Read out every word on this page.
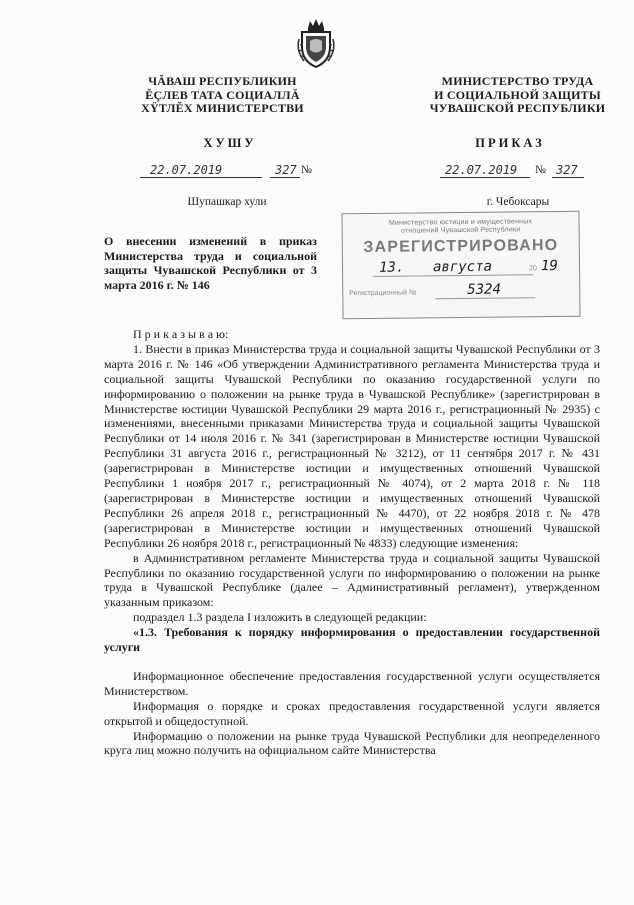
ЧĂВАШ РЕСПУБЛИКИН
ĔÇЛЕВ ТАТА СОЦИАЛЛĂ
ХŸТЛĔХ МИНИСТЕРСТВИ
МИНИСТЕРСТВО ТРУДА
И СОЦИАЛЬНОЙ ЗАЩИТЫ
ЧУВАШСКОЙ РЕСПУБЛИКИ
ХУШУ	ПРИКАЗ
22.07.2019	327 №	22.07.2019 № 327
Шупашкар хули	г. Чебоксары
Министерство юстиции и имущественных
отношений Чувашской Республики
ЗАРЕГИСТРИРОВАНО
13. августа	20 19
Регистрационный №	5324
О внесении изменений в приказ Министерства труда и социальной защиты Чувашской Республики от 3 марта 2016 г. № 146

П р и к а з ы в а ю:

1. Внести в приказ Министерства труда и социальной защиты Чувашской Республики от 3 марта 2016 г. № 146 «Об утверждении Административного регламента Министерства труда и социальной защиты Чувашской Республики по оказанию государственной услуги по информированию о положении на рынке труда в Чувашской Республике» (зарегистрирован в Министерстве юстиции Чувашской Республики 29 марта 2016 г., регистрационный № 2935) с изменениями, внесенными приказами Министерства труда и социальной защиты Чувашской Республики от 14 июля 2016 г. № 341 (зарегистрирован в Министерстве юстиции Чувашской Республики 31 августа 2016 г., регистрационный № 3212), от 11 сентября 2017 г. № 431 (зарегистрирован в Министерстве юстиции и имущественных отношений Чувашской Республики 1 ноября 2017 г., регистрационный № 4074), от 2 марта 2018 г. № 118 (зарегистрирован в Министерстве юстиции и имущественных отношений Чувашской Республики 26 апреля 2018 г., регистрационный № 4470), от 22 ноября 2018 г. № 478 (зарегистрирован в Министерстве юстиции и имущественных отношений Чувашской Республики 26 ноября 2018 г., регистрационный № 4833) следующие изменения:

в Административном регламенте Министерства труда и социальной защиты Чувашской Республики по оказанию государственной услуги по информированию о положении на рынке труда в Чувашской Республике (далее – Административный регламент), утвержденном указанным приказом:

подраздел 1.3 раздела I изложить в следующей редакции:

«1.3. Требования к порядку информирования о предоставлении государственной услуги

Информационное обеспечение предоставления государственной услуги осуществляется Министерством.

Информация о порядке и сроках предоставления государственной услуги является открытой и общедоступной.

Информацию о положении на рынке труда Чувашской Республики для неопределенного круга лиц можно получить на официальном сайте Министерства
